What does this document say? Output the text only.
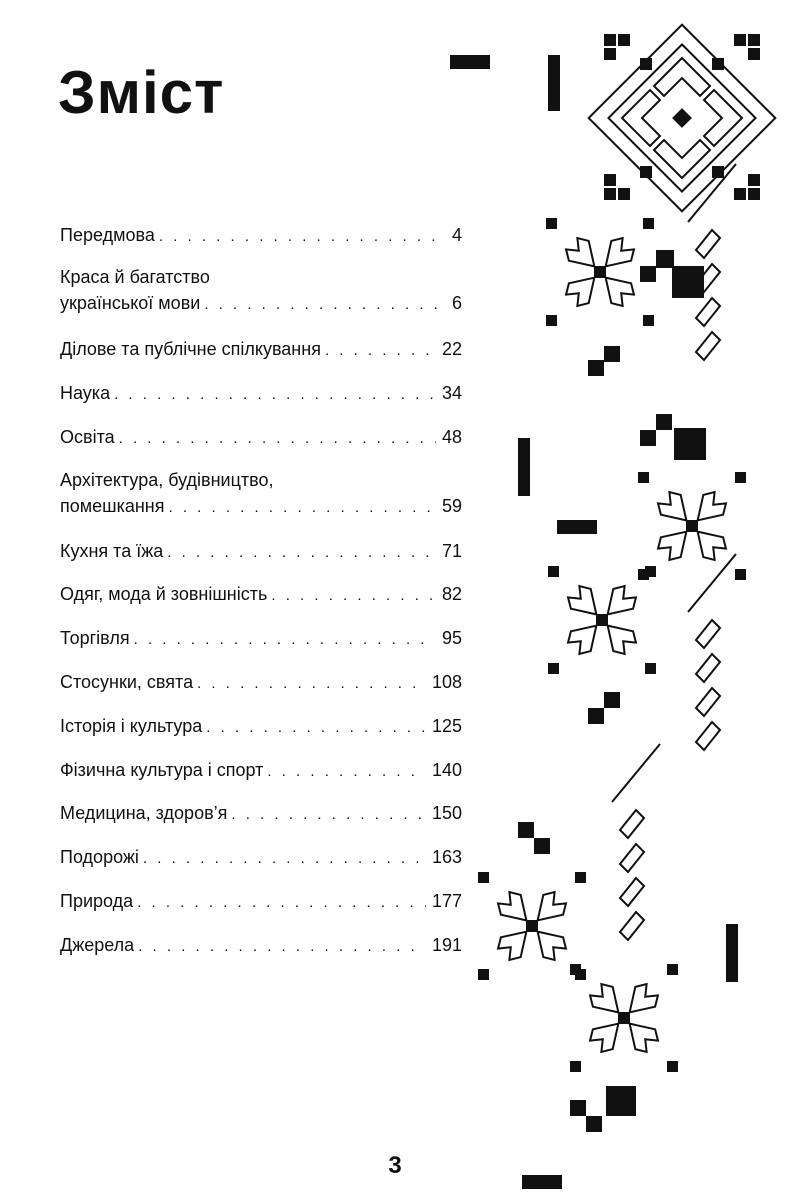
Зміст
Передмова . . .	4
Краса й багатство
української мови . . .	6
Ділове та публічне спілкування . . .	22
Наука . . .	34
Освіта . . .	48
Архітектура, будівництво,
помешкання . . .	59
Кухня та їжа . . .	71
Одяг, мода й зовнішність . . .	82
Торгівля . . .	95
Стосунки, свята . . .	108
Історія і культура . . .	125
Фізична культура і спорт . . .	140
Медицина, здоров’я . . .	150
Подорожі . . .	163
Природа . . .	177
Джерела . . .	191
3
